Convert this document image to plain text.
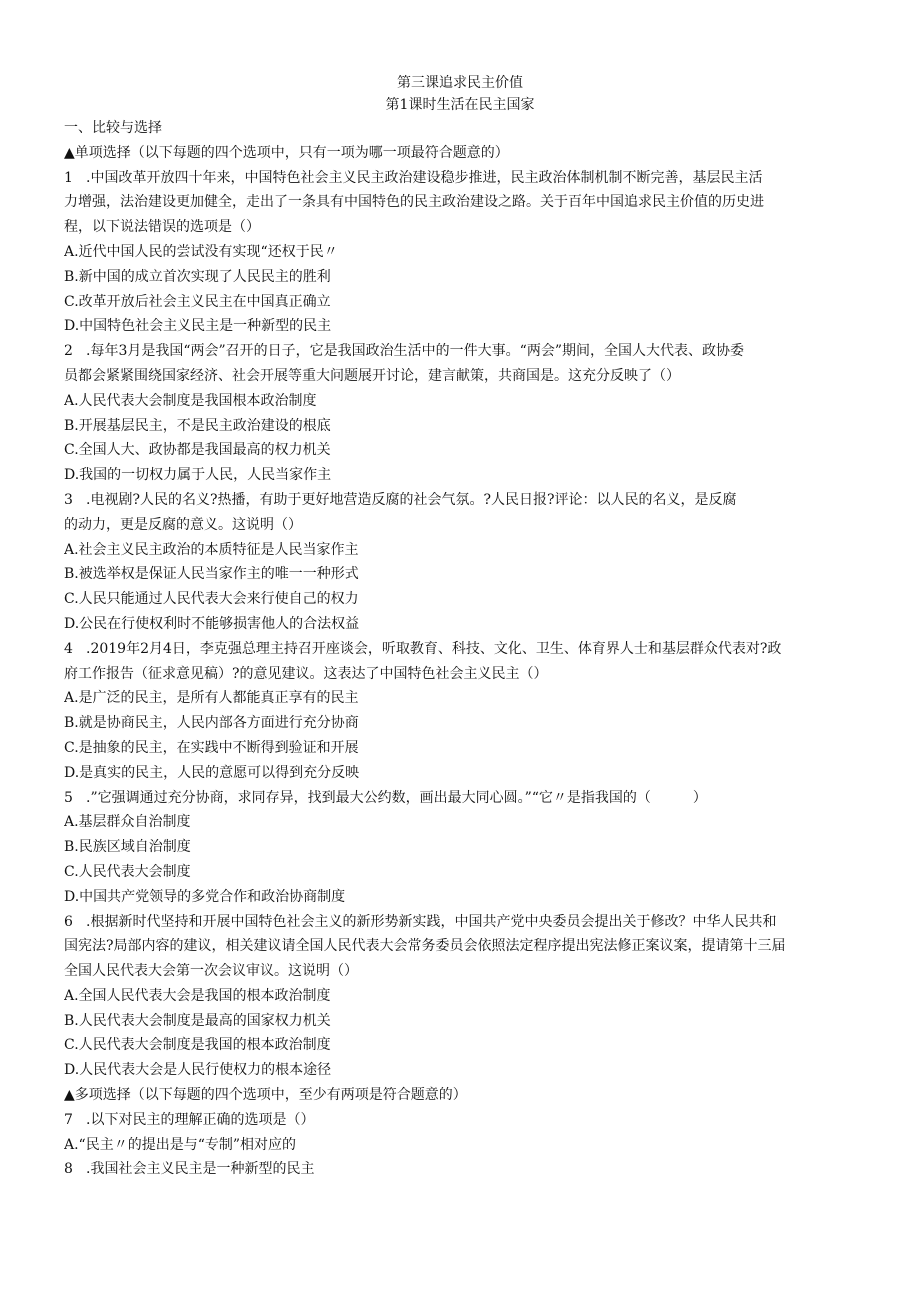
第三课追求民主价值
第1课时生活在民主国家
一、比较与选择
▲单项选择（以下每题的四个选项中，只有一项为哪一项最符合题意的）
1 .中国改革开放四十年来，中国特色社会主义民主政治建设稳步推进，民主政治体制机制不断完善，基层民主活
力增强，法治建设更加健全，走出了一条具有中国特色的民主政治建设之路。关于百年中国追求民主价值的历史进
程，以下说法错误的选项是（）
A.近代中国人民的尝试没有实现“还权于民〃
B.新中国的成立首次实现了人民民主的胜利
C.改革开放后社会主义民主在中国真正确立
D.中国特色社会主义民主是一种新型的民主
2 .每年3月是我国“两会”召开的日子，它是我国政治生活中的一件大事。“两会”期间，全国人大代表、政协委
员都会紧紧围绕国家经济、社会开展等重大问题展开讨论，建言献策，共商国是。这充分反映了（）
A.人民代表大会制度是我国根本政治制度
B.开展基层民主，不是民主政治建设的根底
C.全国人大、政协都是我国最高的权力机关
D.我国的一切权力属于人民，人民当家作主
3 .电视剧?人民的名义?热播，有助于更好地营造反腐的社会气氛。?人民日报?评论：以人民的名义，是反腐
的动力，更是反腐的意义。这说明（）
A.社会主义民主政治的本质特征是人民当家作主
B.被选举权是保证人民当家作主的唯一一种形式
C.人民只能通过人民代表大会来行使自己的权力
D.公民在行使权利时不能够损害他人的合法权益
4 .2019年2月4日，李克强总理主持召开座谈会，听取教育、科技、文化、卫生、体育界人士和基层群众代表对?政
府工作报告（征求意见稿）?的意见建议。这表达了中国特色社会主义民主（）
A.是广泛的民主，是所有人都能真正享有的民主
B.就是协商民主，人民内部各方面进行充分协商
C.是抽象的民主，在实践中不断得到验证和开展
D.是真实的民主，人民的意愿可以得到充分反映
5 .”它强调通过充分协商，求同存异，找到最大公约数，画出最大同心圆。”“它〃是指我国的（　　　）
A.基层群众自治制度
B.民族区域自治制度
C.人民代表大会制度
D.中国共产党领导的多党合作和政治协商制度
6 .根据新时代坚持和开展中国特色社会主义的新形势新实践，中国共产党中央委员会提出关于修改？中华人民共和
国宪法?局部内容的建议，相关建议请全国人民代表大会常务委员会依照法定程序提出宪法修正案议案，提请第十三届
全国人民代表大会第一次会议审议。这说明（）
A.全国人民代表大会是我国的根本政治制度
B.人民代表大会制度是最高的国家权力机关
C.人民代表大会制度是我国的根本政治制度
D.人民代表大会是人民行使权力的根本途径
▲多项选择（以下每题的四个选项中，至少有两项是符合题意的）
7 .以下对民主的理解正确的选项是（）
A.“民主〃的提出是与“专制”相对应的
8 .我国社会主义民主是一种新型的民主
